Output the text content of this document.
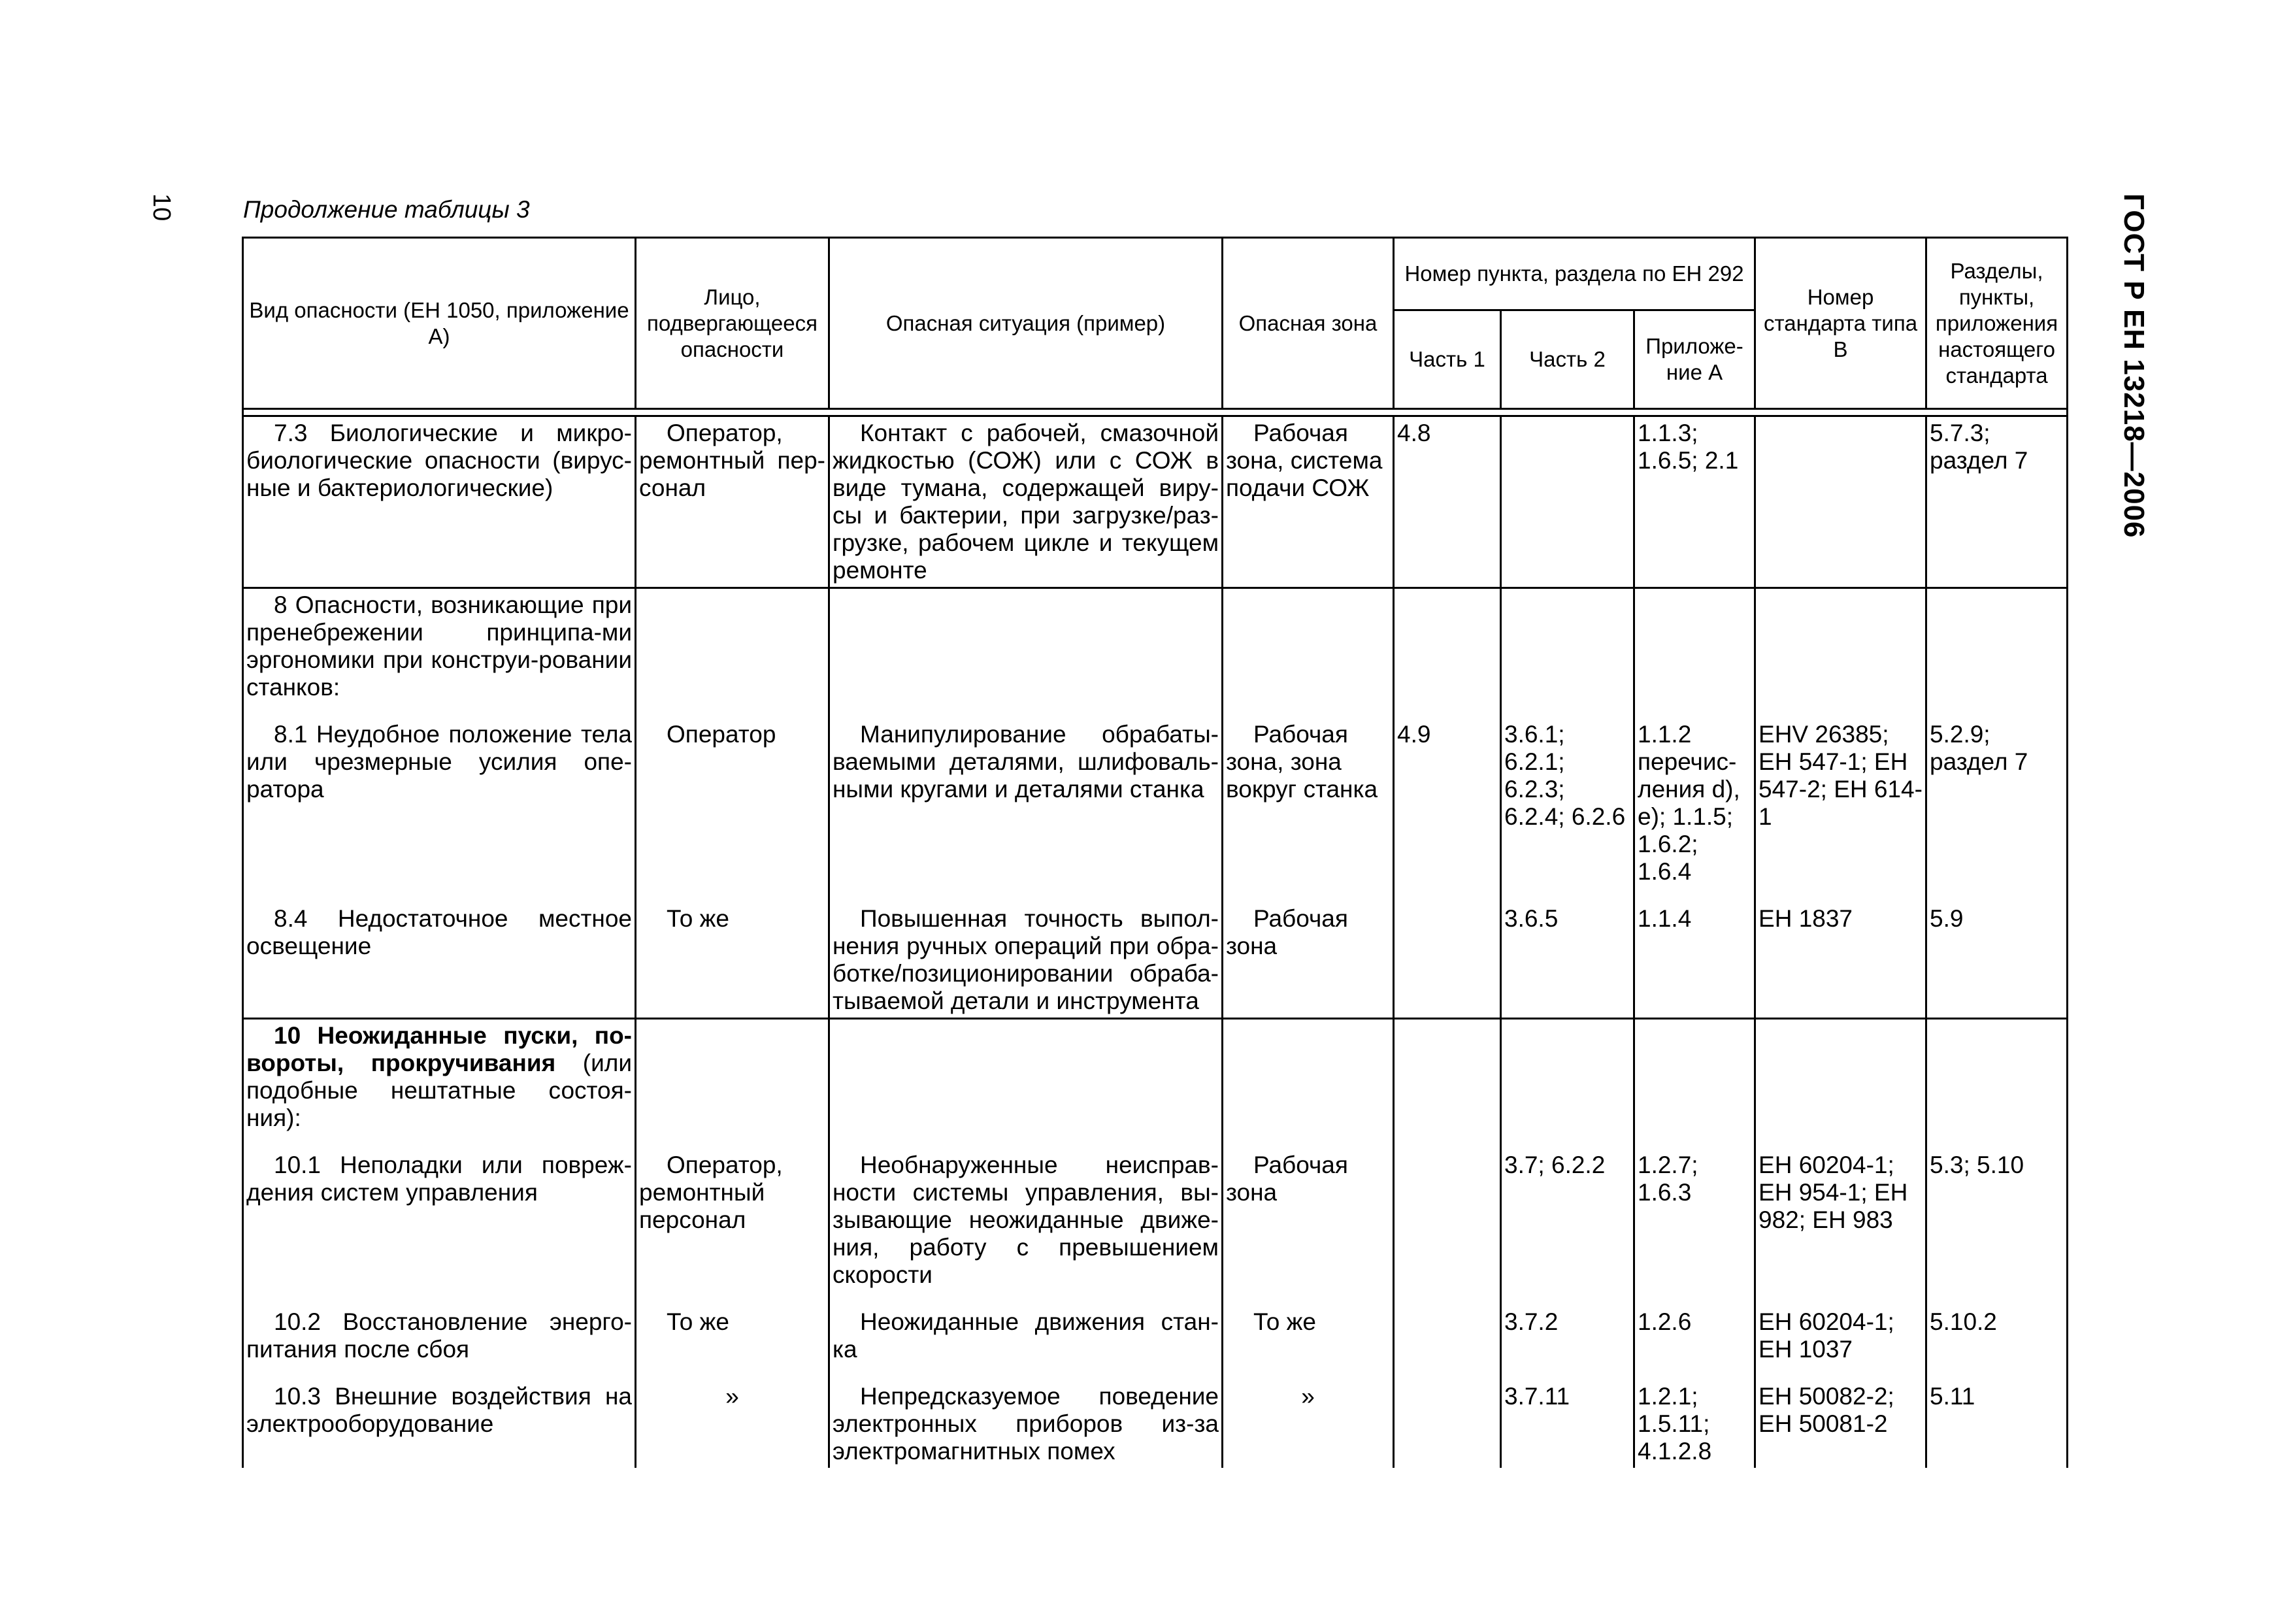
10	ГОСТ Р ЕН 13218—2006
Продолжение таблицы 3
Вид опасности (ЕН 1050, приложение А)	Лицо, подвергающееся опасности	Опасная ситуация (пример)	Опасная зона	Номер пункта, раздела по ЕН 292			Номер стандарта типа В	Разделы, пункты, приложения настоящего стандарта
				Часть 1	Часть 2	Приложе-ние А		

7.3 Биологические и микро-биологические опасности (вирус-ные и бактериологические)	Оператор, ремонтный пер-сонал	Контакт с рабочей, смазочной жидкостью (СОЖ) или с СОЖ в виде тумана, содержащей виру-сы и бактерии, при загрузке/раз-грузке, рабочем цикле и текущем ремонте	Рабочая зона, система подачи СОЖ	4.8		1.1.3; 1.6.5; 2.1		5.7.3; раздел 7
8 Опасности, возникающие при пренебрежении принципа-ми эргономики при конструи-ровании станков:								
8.1 Неудобное положение тела или чрезмерные усилия опе-ратора	Оператор	Манипулирование обрабаты-ваемыми деталями, шлифоваль-ными кругами и деталями станка	Рабочая зона, зона вокруг станка	4.9	3.6.1; 6.2.1; 6.2.3; 6.2.4; 6.2.6	1.1.2 перечис-ления d), е); 1.1.5; 1.6.2; 1.6.4	EHV 26385; ЕН 547-1; ЕН 547-2; ЕН 614-1	5.2.9; раздел 7
8.4 Недостаточное местное освещение	То же	Повышенная точность выпол-нения ручных операций при обра-ботке/позиционировании обраба-тываемой детали и инструмента	Рабочая зона		3.6.5	1.1.4	ЕН 1837	5.9
10 Неожиданные пуски, по-вороты, прокручивания (или подобные нештатные состоя-ния):								
10.1 Неполадки или повреж-дения систем управления	Оператор, ремонтный персонал	Необнаруженные неисправ-ности системы управления, вы-зывающие неожиданные движе-ния, работу с превышением скорости	Рабочая зона		3.7; 6.2.2	1.2.7; 1.6.3	ЕН 60204-1; ЕН 954-1; ЕН 982; ЕН 983	5.3; 5.10
10.2 Восстановление энерго-питания после сбоя	То же	Неожиданные движения стан-ка	То же		3.7.2	1.2.6	ЕН 60204-1; ЕН 1037	5.10.2
10.3 Внешние воздействия на электрооборудование	»	Непредсказуемое поведение электронных приборов из-за электромагнитных помех	»		3.7.11	1.2.1; 1.5.11; 4.1.2.8	ЕН 50082-2; ЕН 50081-2	5.11
